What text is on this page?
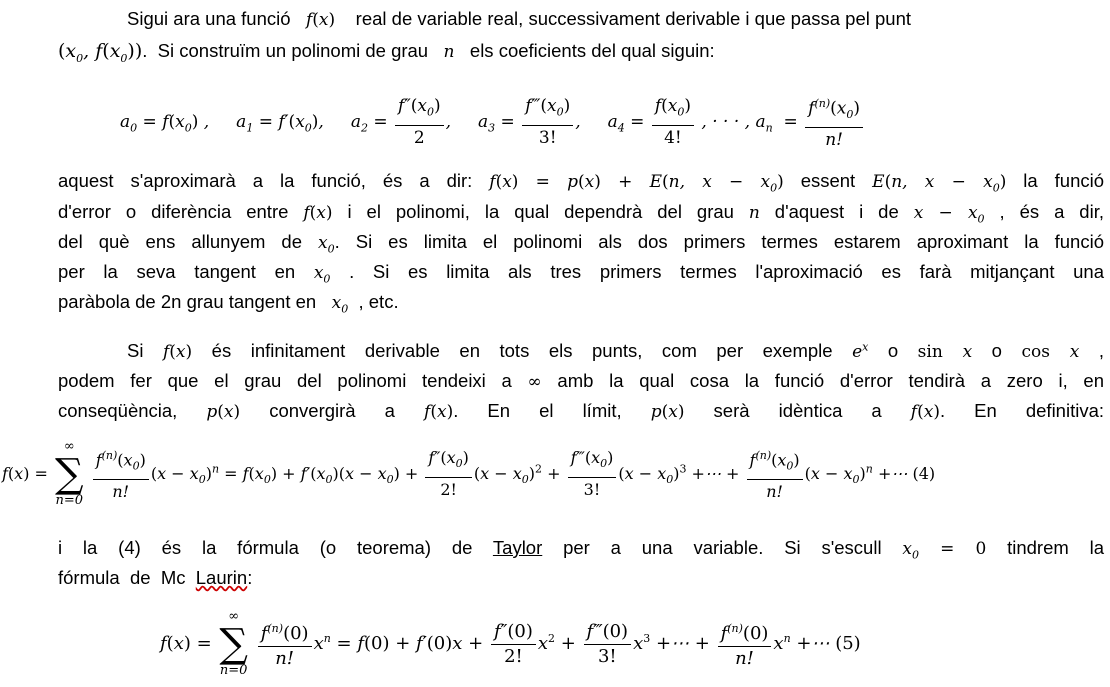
Sigui ara una funció   f(x)    real de variable real, successivament derivable i que passa pel punt
($x_0$, $f(x_0)$).  Si construïm un polinomi de grau   n   els coeficients del qual siguin:
$a_0 = f(x_0)$ ,     $a_1 = f'(x_0)$,     $a_2 = \frac{f''(x_0)}{2}$ ,     $a_3 = \frac{f‴(x_0)}{3!}$ ,     $a_4 = \frac{f(x_0)}{4!}$ , · · · , $a_n = \frac{f^{(n)}(x_0)}{n!}$
aquest s'aproximarà a la funció, és a dir: f(x) = p(x) + E(n, $x - x_0$) essent E(n, $x - x_0$) la funció
d'error o diferència entre f(x) i el polinomi, la qual dependrà del grau n d'aquest i de $x - x_0$ , és a dir,
del què ens allunyem de $x_0$. Si es limita el polinomi als dos primers termes estarem aproximant la funció
per la seva tangent en $x_0$ . Si es limita als tres primers termes l'aproximació es farà mitjançant una
paràbola de 2n grau tangent en   $x_0$  , etc.
Si f(x) és infinitament derivable en tots els punts, com per exemple $e^x$ o sin x o cos x ,
podem fer que el grau del polinomi tendeixi a ∞ amb la qual cosa la funció d'error tendirà a zero i, en
conseqüència, p(x) convergirà a f(x). En el límit, p(x) serà idèntica a f(x). En definitiva:
f(x) =
∞
∑
n=0
$\frac{f^{(n)}(x_0)}{n!} (x - x_0)^n = f(x_0) + f'(x_0)(x - x_0) + \frac{f''(x_0)}{2!} (x - x_0)^2 + \frac{f‴(x_0)}{3!} (x - x_0)^3$ +⋯ + $\frac{f^{(n)}(x_0)}{n!} (x - x_0)^n$ +⋯ (4)
i la (4) és la fórmula (o teorema) de Taylor per a una variable. Si s'escull $x_0 = 0$ tindrem la
fórmula  de  Mc  Laurin:
f(x) =
∞
∑
n=0
$\frac{f^{(n)}(0)}{n!} x^n = f(0) + f'(0)x + \frac{f''(0)}{2!} x^2 + \frac{f‴(0)}{3!} x^3$ +⋯ + $\frac{f^{(n)}(0)}{n!} x^n$ +⋯ (5)
